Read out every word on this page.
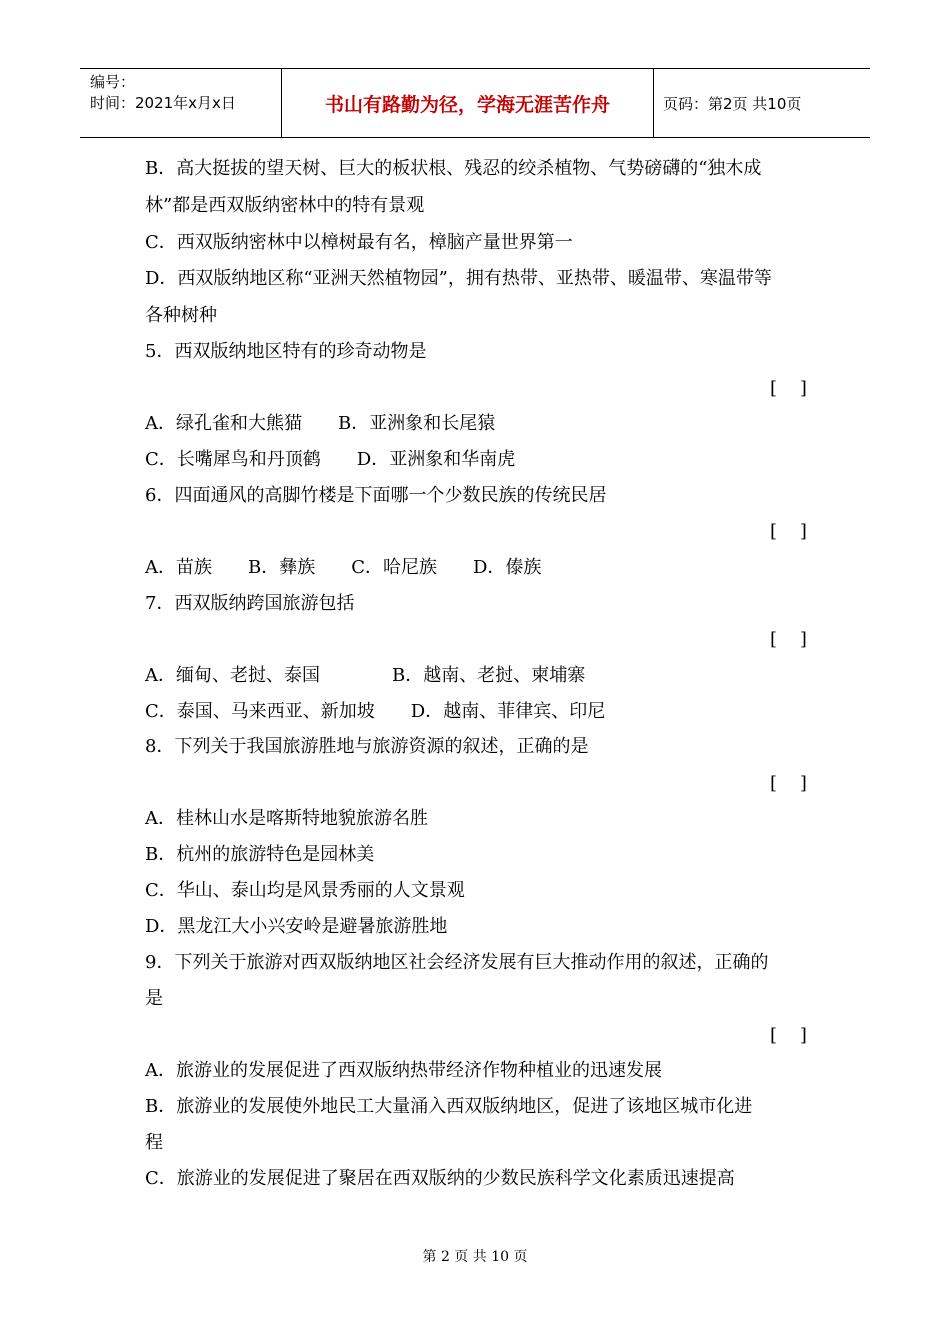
编号：
时间：2021年x月x日	书山有路勤为径，学海无涯苦作舟	页码：第2页 共10页
B．高大挺拔的望天树、巨大的板状根、残忍的绞杀植物、气势磅礴的“独木成
林”都是西双版纳密林中的特有景观
C．西双版纳密林中以樟树最有名，樟脑产量世界第一
D．西双版纳地区称“亚洲天然植物园”，拥有热带、亚热带、暖温带、寒温带等
各种树种
5．西双版纳地区特有的珍奇动物是
[    ]
A．绿孔雀和大熊猫　　B．亚洲象和长尾猿
C．长嘴犀鸟和丹顶鹤　　D．亚洲象和华南虎
6．四面通风的高脚竹楼是下面哪一个少数民族的传统民居
[    ]
A．苗族　　B．彝族　　C．哈尼族　　D．傣族
7．西双版纳跨国旅游包括
[    ]
A．缅甸、老挝、泰国　　　　B．越南、老挝、柬埔寨
C．泰国、马来西亚、新加坡　　D．越南、菲律宾、印尼
8．下列关于我国旅游胜地与旅游资源的叙述，正确的是
[    ]
A．桂林山水是喀斯特地貌旅游名胜
B．杭州的旅游特色是园林美
C．华山、泰山均是风景秀丽的人文景观
D．黑龙江大小兴安岭是避暑旅游胜地
9．下列关于旅游对西双版纳地区社会经济发展有巨大推动作用的叙述，正确的
是
[    ]
A．旅游业的发展促进了西双版纳热带经济作物种植业的迅速发展
B．旅游业的发展使外地民工大量涌入西双版纳地区，促进了该地区城市化进
程
C．旅游业的发展促进了聚居在西双版纳的少数民族科学文化素质迅速提高
第 2 页 共 10 页
